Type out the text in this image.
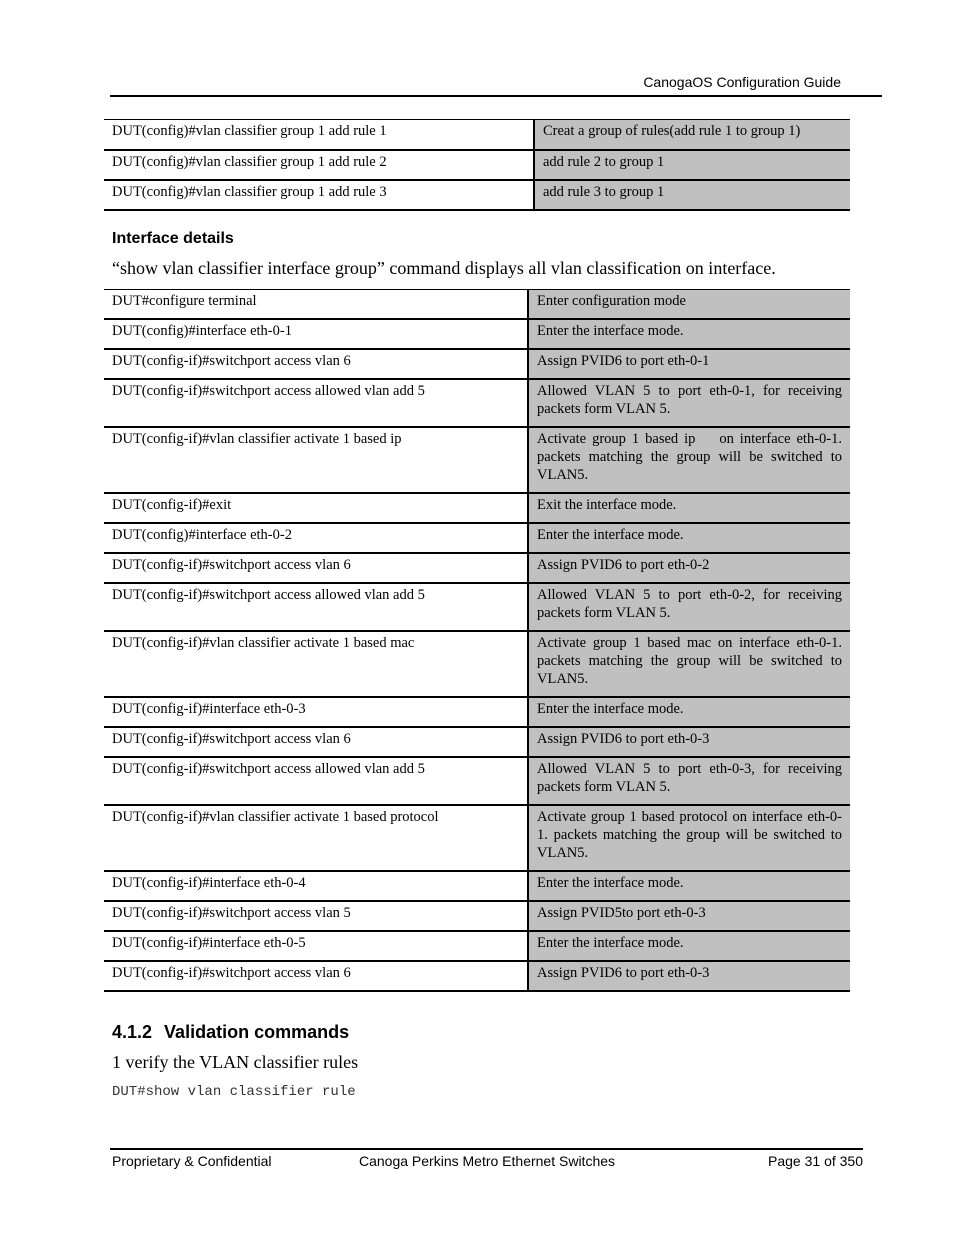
CanogaOS Configuration Guide
DUT(config)#vlan classifier group 1 add rule 1	Creat a group of rules(add rule 1 to group 1)
DUT(config)#vlan classifier group 1 add rule 2	add rule 2 to group 1
DUT(config)#vlan classifier group 1 add rule 3	add rule 3 to group 1
Interface details
“show vlan classifier interface group” command displays all vlan classification on interface.
DUT#configure terminal	Enter configuration mode
DUT(config)#interface eth-0-1	Enter the interface mode.
DUT(config-if)#switchport access vlan 6	Assign PVID6 to port eth-0-1
DUT(config-if)#switchport access allowed vlan add 5	Allowed VLAN 5 to port eth-0-1, for receiving packets form VLAN 5.
DUT(config-if)#vlan classifier activate 1 based ip	Activate group 1 based ip    on interface eth-0-1. packets matching the group will be switched to VLAN5.
DUT(config-if)#exit	Exit the interface mode.
DUT(config)#interface eth-0-2	Enter the interface mode.
DUT(config-if)#switchport access vlan 6	Assign PVID6 to port eth-0-2
DUT(config-if)#switchport access allowed vlan add 5	Allowed VLAN 5 to port eth-0-2, for receiving packets form VLAN 5.
DUT(config-if)#vlan classifier activate 1 based mac	Activate group 1 based mac on interface eth-0-1. packets matching the group will be switched to VLAN5.
DUT(config-if)#interface eth-0-3	Enter the interface mode.
DUT(config-if)#switchport access vlan 6	Assign PVID6 to port eth-0-3
DUT(config-if)#switchport access allowed vlan add 5	Allowed VLAN 5 to port eth-0-3, for receiving packets form VLAN 5.
DUT(config-if)#vlan classifier activate 1 based protocol	Activate group 1 based protocol on interface eth-0-1. packets matching the group will be switched to VLAN5.
DUT(config-if)#interface eth-0-4	Enter the interface mode.
DUT(config-if)#switchport access vlan 5	Assign PVID5to port eth-0-3
DUT(config-if)#interface eth-0-5	Enter the interface mode.
DUT(config-if)#switchport access vlan 6	Assign PVID6 to port eth-0-3
4.1.2 Validation commands
1 verify the VLAN classifier rules
DUT#show vlan classifier rule
Proprietary & Confidential	Canoga Perkins Metro Ethernet Switches	Page 31 of 350
